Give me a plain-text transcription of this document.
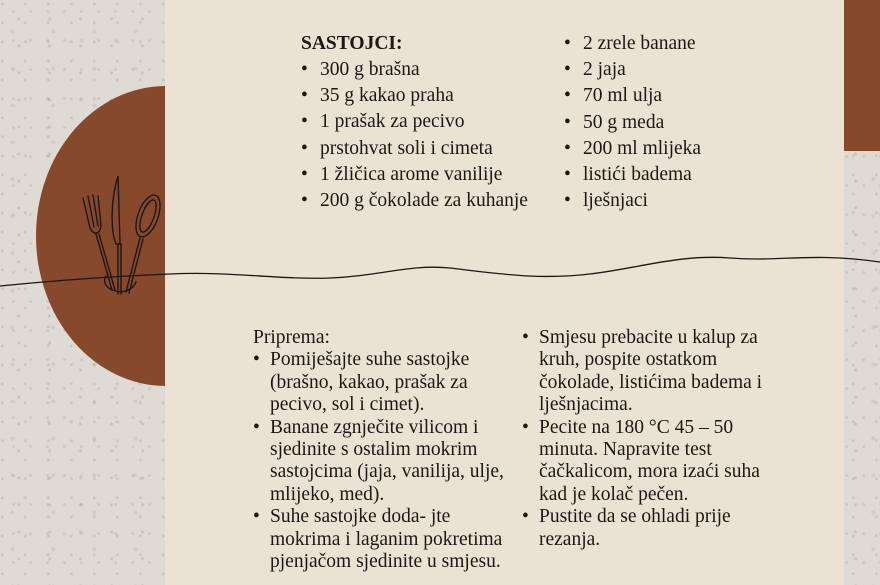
SASTOJCI:
• 300 g brašna
• 35 g kakao praha
• 1 prašak za pecivo
• prstohvat soli i cimeta
• 1 žličica arome vanilije
• 200 g čokolade za kuhanje
• 2 zrele banane
• 2 jaja
• 70 ml ulja
• 50 g meda
• 200 ml mlijeka
• listići badema
• lješnjaci
Priprema:
• Pomiješajte suhe sastojke (brašno, kakao, prašak za pecivo, sol i cimet).
• Banane zgnječite vilicom i sjedinite s ostalim mokrim sastojcima (jaja, vanilija, ulje, mlijeko, med).
• Suhe sastojke doda- jte mokrima i laganim pokretima pjenjačom sjedinite u smjesu.
• Smjesu prebacite u kalup za kruh, pospite ostatkom čokolade, listićima badema i lješnjacima.
• Pecite na 180 °C 45 – 50 minuta. Napravite test čačkalicom, mora izaći suha kad je kolač pečen.
• Pustite da se ohladi prije rezanja.
